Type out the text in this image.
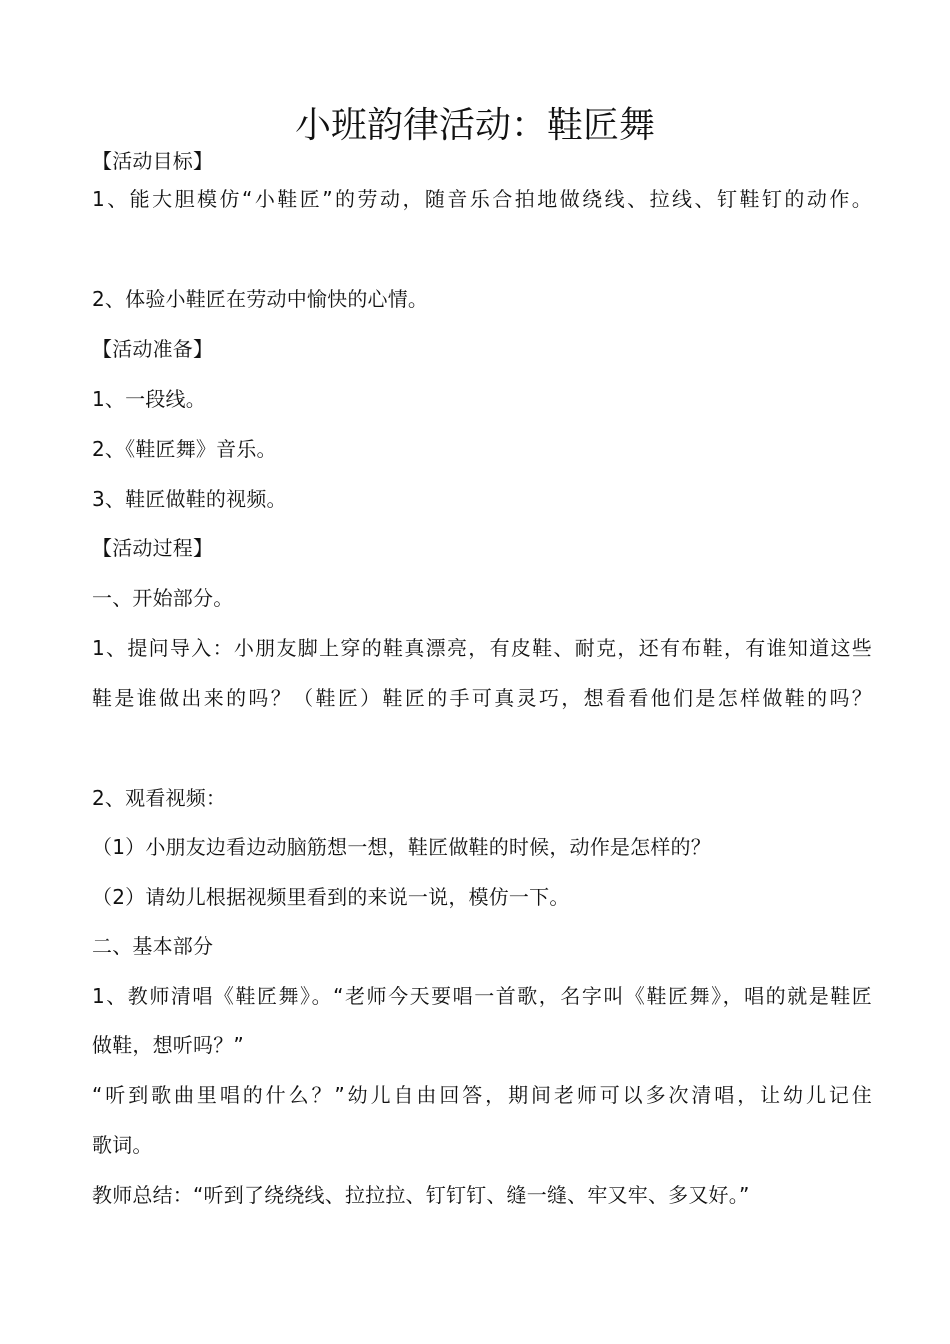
小班韵律活动：鞋匠舞
【活动目标】
1、能大胆模仿“小鞋匠”的劳动，随音乐合拍地做绕线、拉线、钉鞋钉的动作。
2、体验小鞋匠在劳动中愉快的心情。
【活动准备】
1、一段线。
2、《鞋匠舞》音乐。
3、鞋匠做鞋的视频。
【活动过程】
一、开始部分。
1、提问导入：小朋友脚上穿的鞋真漂亮，有皮鞋、耐克，还有布鞋，有谁知道这些
鞋是谁做出来的吗？（鞋匠）鞋匠的手可真灵巧，想看看他们是怎样做鞋的吗？
2、观看视频：
（1）小朋友边看边动脑筋想一想，鞋匠做鞋的时候，动作是怎样的？
（2）请幼儿根据视频里看到的来说一说，模仿一下。
二、基本部分
1、教师清唱《鞋匠舞》。“老师今天要唱一首歌，名字叫《鞋匠舞》，唱的就是鞋匠
做鞋，想听吗？”
“听到歌曲里唱的什么？”幼儿自由回答，期间老师可以多次清唱，让幼儿记住
歌词。
教师总结：“听到了绕绕线、拉拉拉、钉钉钉、缝一缝、牢又牢、多又好。”
